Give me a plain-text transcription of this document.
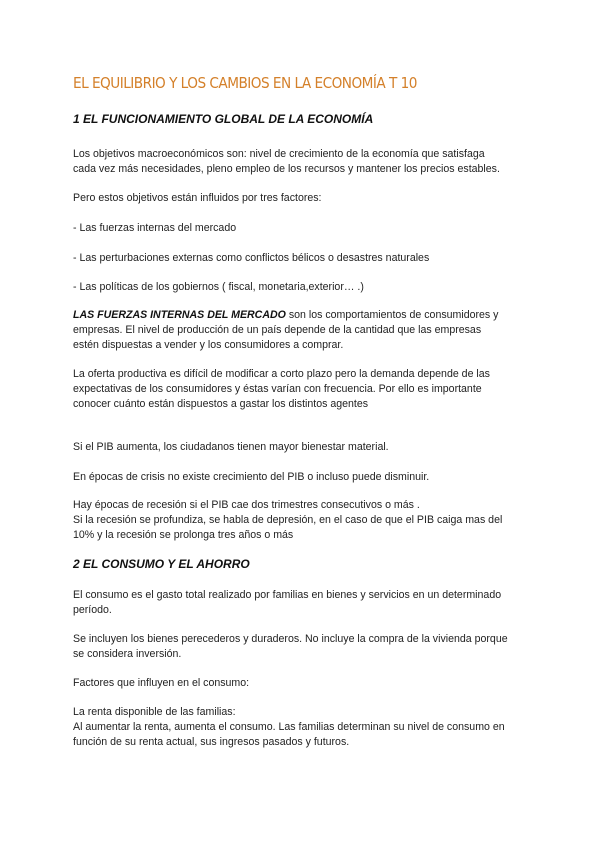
EL EQUILIBRIO Y LOS CAMBIOS EN LA ECONOMÍA T 10
1 EL FUNCIONAMIENTO GLOBAL DE LA ECONOMÍA
Los objetivos macroeconómicos son: nivel de crecimiento de la economía que satisfaga
cada vez más necesidades, pleno empleo de los recursos y mantener los precios estables.
Pero estos objetivos están influidos por tres factores:
- Las fuerzas internas del mercado
- Las perturbaciones externas como conflictos bélicos o desastres naturales
- Las políticas de los gobiernos ( fiscal, monetaria,exterior… .)
LAS FUERZAS INTERNAS DEL MERCADO son los comportamientos de consumidores y
empresas. El nivel de producción de un país depende de la cantidad que las empresas
estén dispuestas a vender y los consumidores a comprar.
La oferta productiva es difícil de modificar a corto plazo pero la demanda depende de las
expectativas de los consumidores y éstas varían con frecuencia. Por ello es importante
conocer cuánto están dispuestos a gastar los distintos agentes
Si el PIB aumenta, los ciudadanos tienen mayor bienestar material.
En épocas de crisis no existe crecimiento del PIB o incluso puede disminuir.
Hay épocas de recesión si el PIB cae dos trimestres consecutivos o más .
Si la recesión se profundiza, se habla de depresión, en el caso de que el PIB caiga mas del
10% y la recesión se prolonga tres años o más
2 EL CONSUMO Y EL AHORRO
El consumo es el gasto total realizado por familias en bienes y servicios en un determinado
período.
Se incluyen los bienes perecederos y duraderos. No incluye la compra de la vivienda porque
se considera inversión.
Factores que influyen en el consumo:
La renta disponible de las familias:
Al aumentar la renta, aumenta el consumo. Las familias determinan su nivel de consumo en
función de su renta actual, sus ingresos pasados y futuros.
